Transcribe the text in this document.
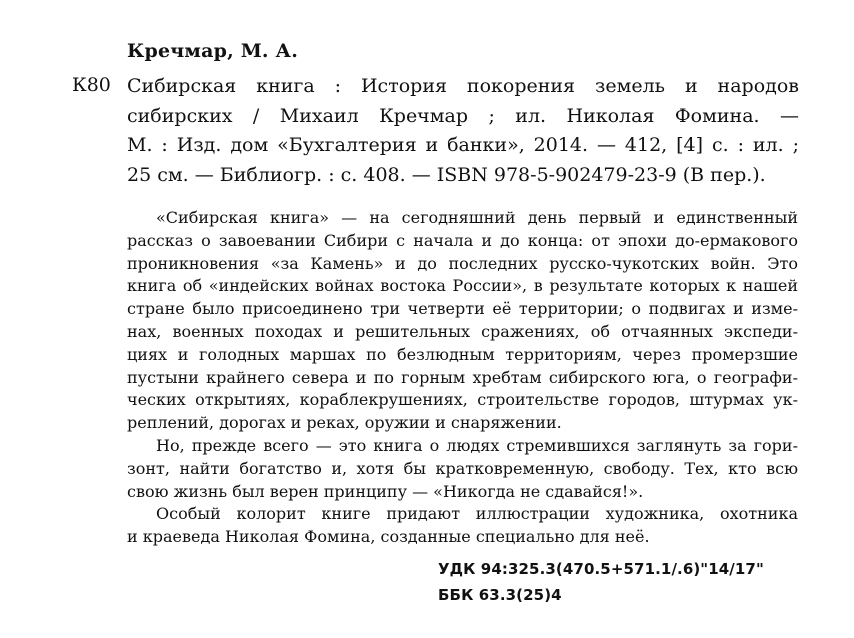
Кречмар, М. А.
К80 Сибирская книга : История покорения земель и народов
сибирских / Михаил Кречмар ; ил. Николая Фомина. —
М. : Изд. дом «Бухгалтерия и банки», 2014. — 412, [4] с. : ил. ;
25 см. — Библиогр. : с. 408. — ISBN 978-5-902479-23-9 (В пер.).
«Сибирская книга» — на сегодняшний день первый и единственный
рассказ о завоевании Сибири с начала и до конца: от эпохи до-ермакового
проникновения «за Камень» и до последних русско-чукотских войн. Это
книга об «индейских войнах востока России», в результате которых к нашей
стране было присоединено три четверти её территории; о подвигах и изме-
нах, военных походах и решительных сражениях, об отчаянных экспеди-
циях и голодных маршах по безлюдным территориям, через промерзшие
пустыни крайнего севера и по горным хребтам сибирского юга, о географи-
ческих открытиях, кораблекрушениях, строительстве городов, штурмах ук-
реплений, дорогах и реках, оружии и снаряжении.
Но, прежде всего — это книга о людях стремившихся заглянуть за гори-
зонт, найти богатство и, хотя бы кратковременную, свободу. Тех, кто всю
свою жизнь был верен принципу — «Никогда не сдавайся!».
Особый колорит книге придают иллюстрации художника, охотника
и краеведа Николая Фомина, созданные специально для неё.
УДК 94:325.3(470.5+571.1/.6)"14/17"
ББК 63.3(25)4
